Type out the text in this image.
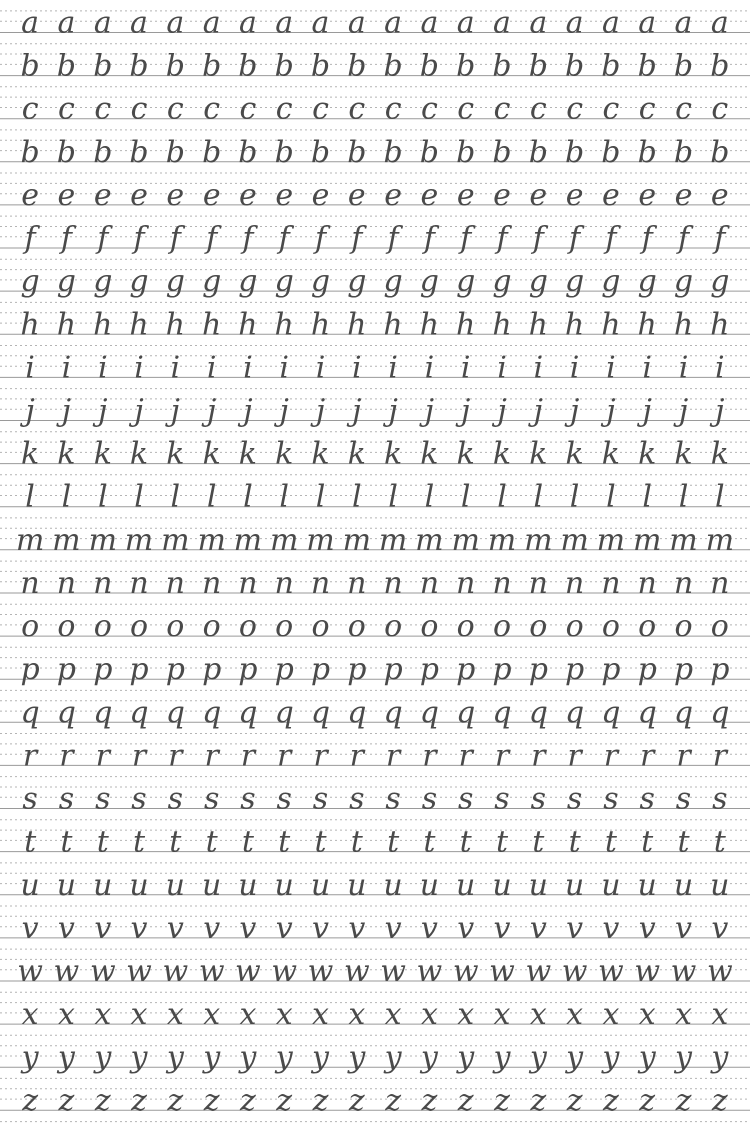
a a a a a a a a a a a a a a a a a a a a
b b b b b b b b b b b b b b b b b b b b
c c c c c c c c c c c c c c c c c c c c
b b b b b b b b b b b b b b b b b b b b
e e e e e e e e e e e e e e e e e e e e
f f f f f f f f f f f f f f f f f f f f
g g g g g g g g g g g g g g g g g g g g
h h h h h h h h h h h h h h h h h h h h
i i i i i i i i i i i i i i i i i i i i
j j j j j j j j j j j j j j j j j j j j
k k k k k k k k k k k k k k k k k k k k
l l l l l l l l l l l l l l l l l l l l
m m m m m m m m m m m m m m m m m m m m
n n n n n n n n n n n n n n n n n n n n
o o o o o o o o o o o o o o o o o o o o
p p p p p p p p p p p p p p p p p p p p
q q q q q q q q q q q q q q q q q q q q
r r r r r r r r r r r r r r r r r r r r
s s s s s s s s s s s s s s s s s s s s
t t t t t t t t t t t t t t t t t t t t
u u u u u u u u u u u u u u u u u u u u
v v v v v v v v v v v v v v v v v v v v
w w w w w w w w w w w w w w w w w w w w
x x x x x x x x x x x x x x x x x x x x
y y y y y y y y y y y y y y y y y y y y
z z z z z z z z z z z z z z z z z z z z
